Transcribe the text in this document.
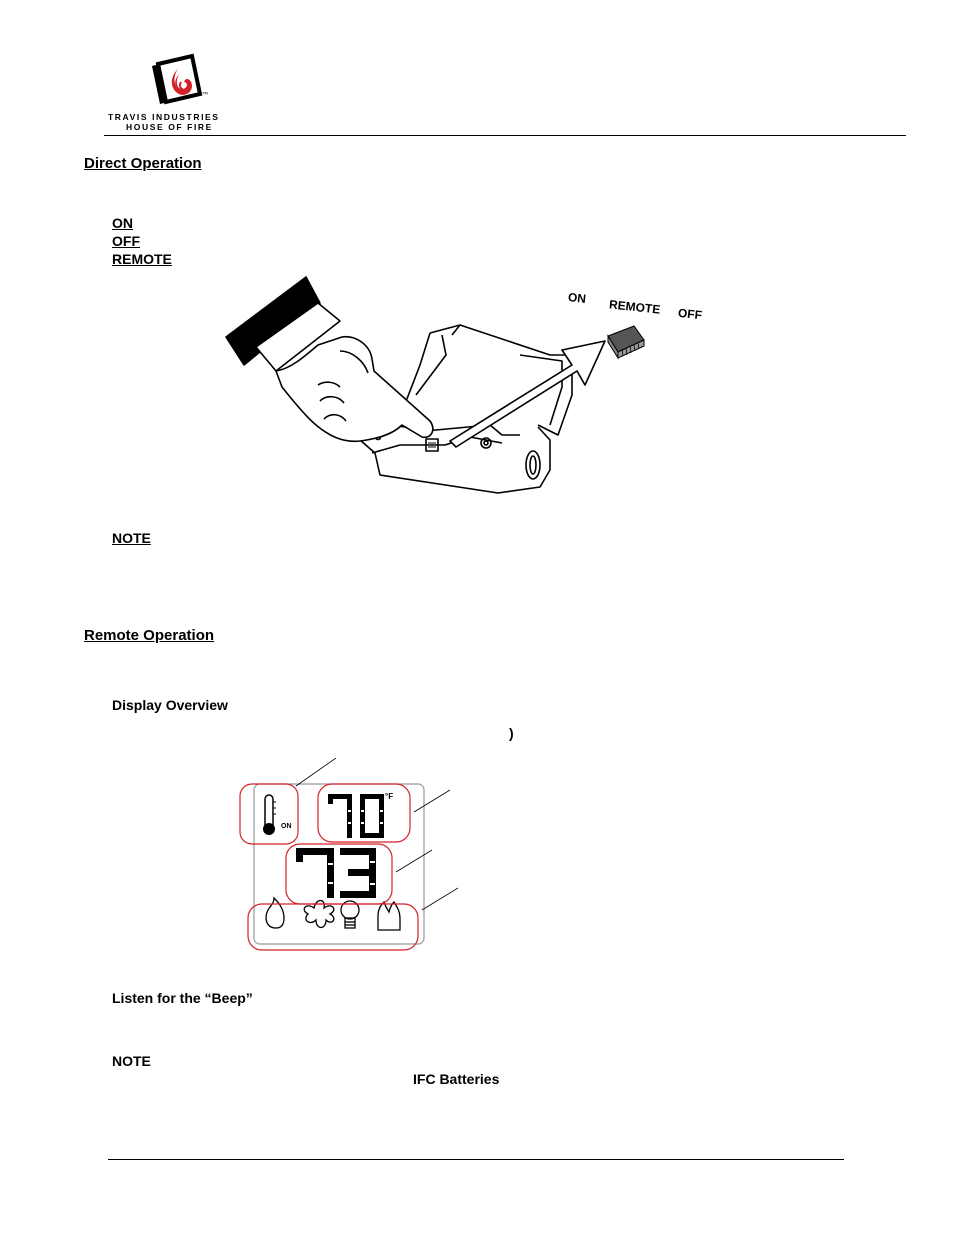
™
TRAVIS INDUSTRIES
HOUSE OF FIRE
Direct Operation
ON
OFF
REMOTE
ON REMOTE OFF
NOTE
Remote Operation
Display Overview
)
ON
°F
Listen for the “Beep”
NOTE
IFC Batteries
